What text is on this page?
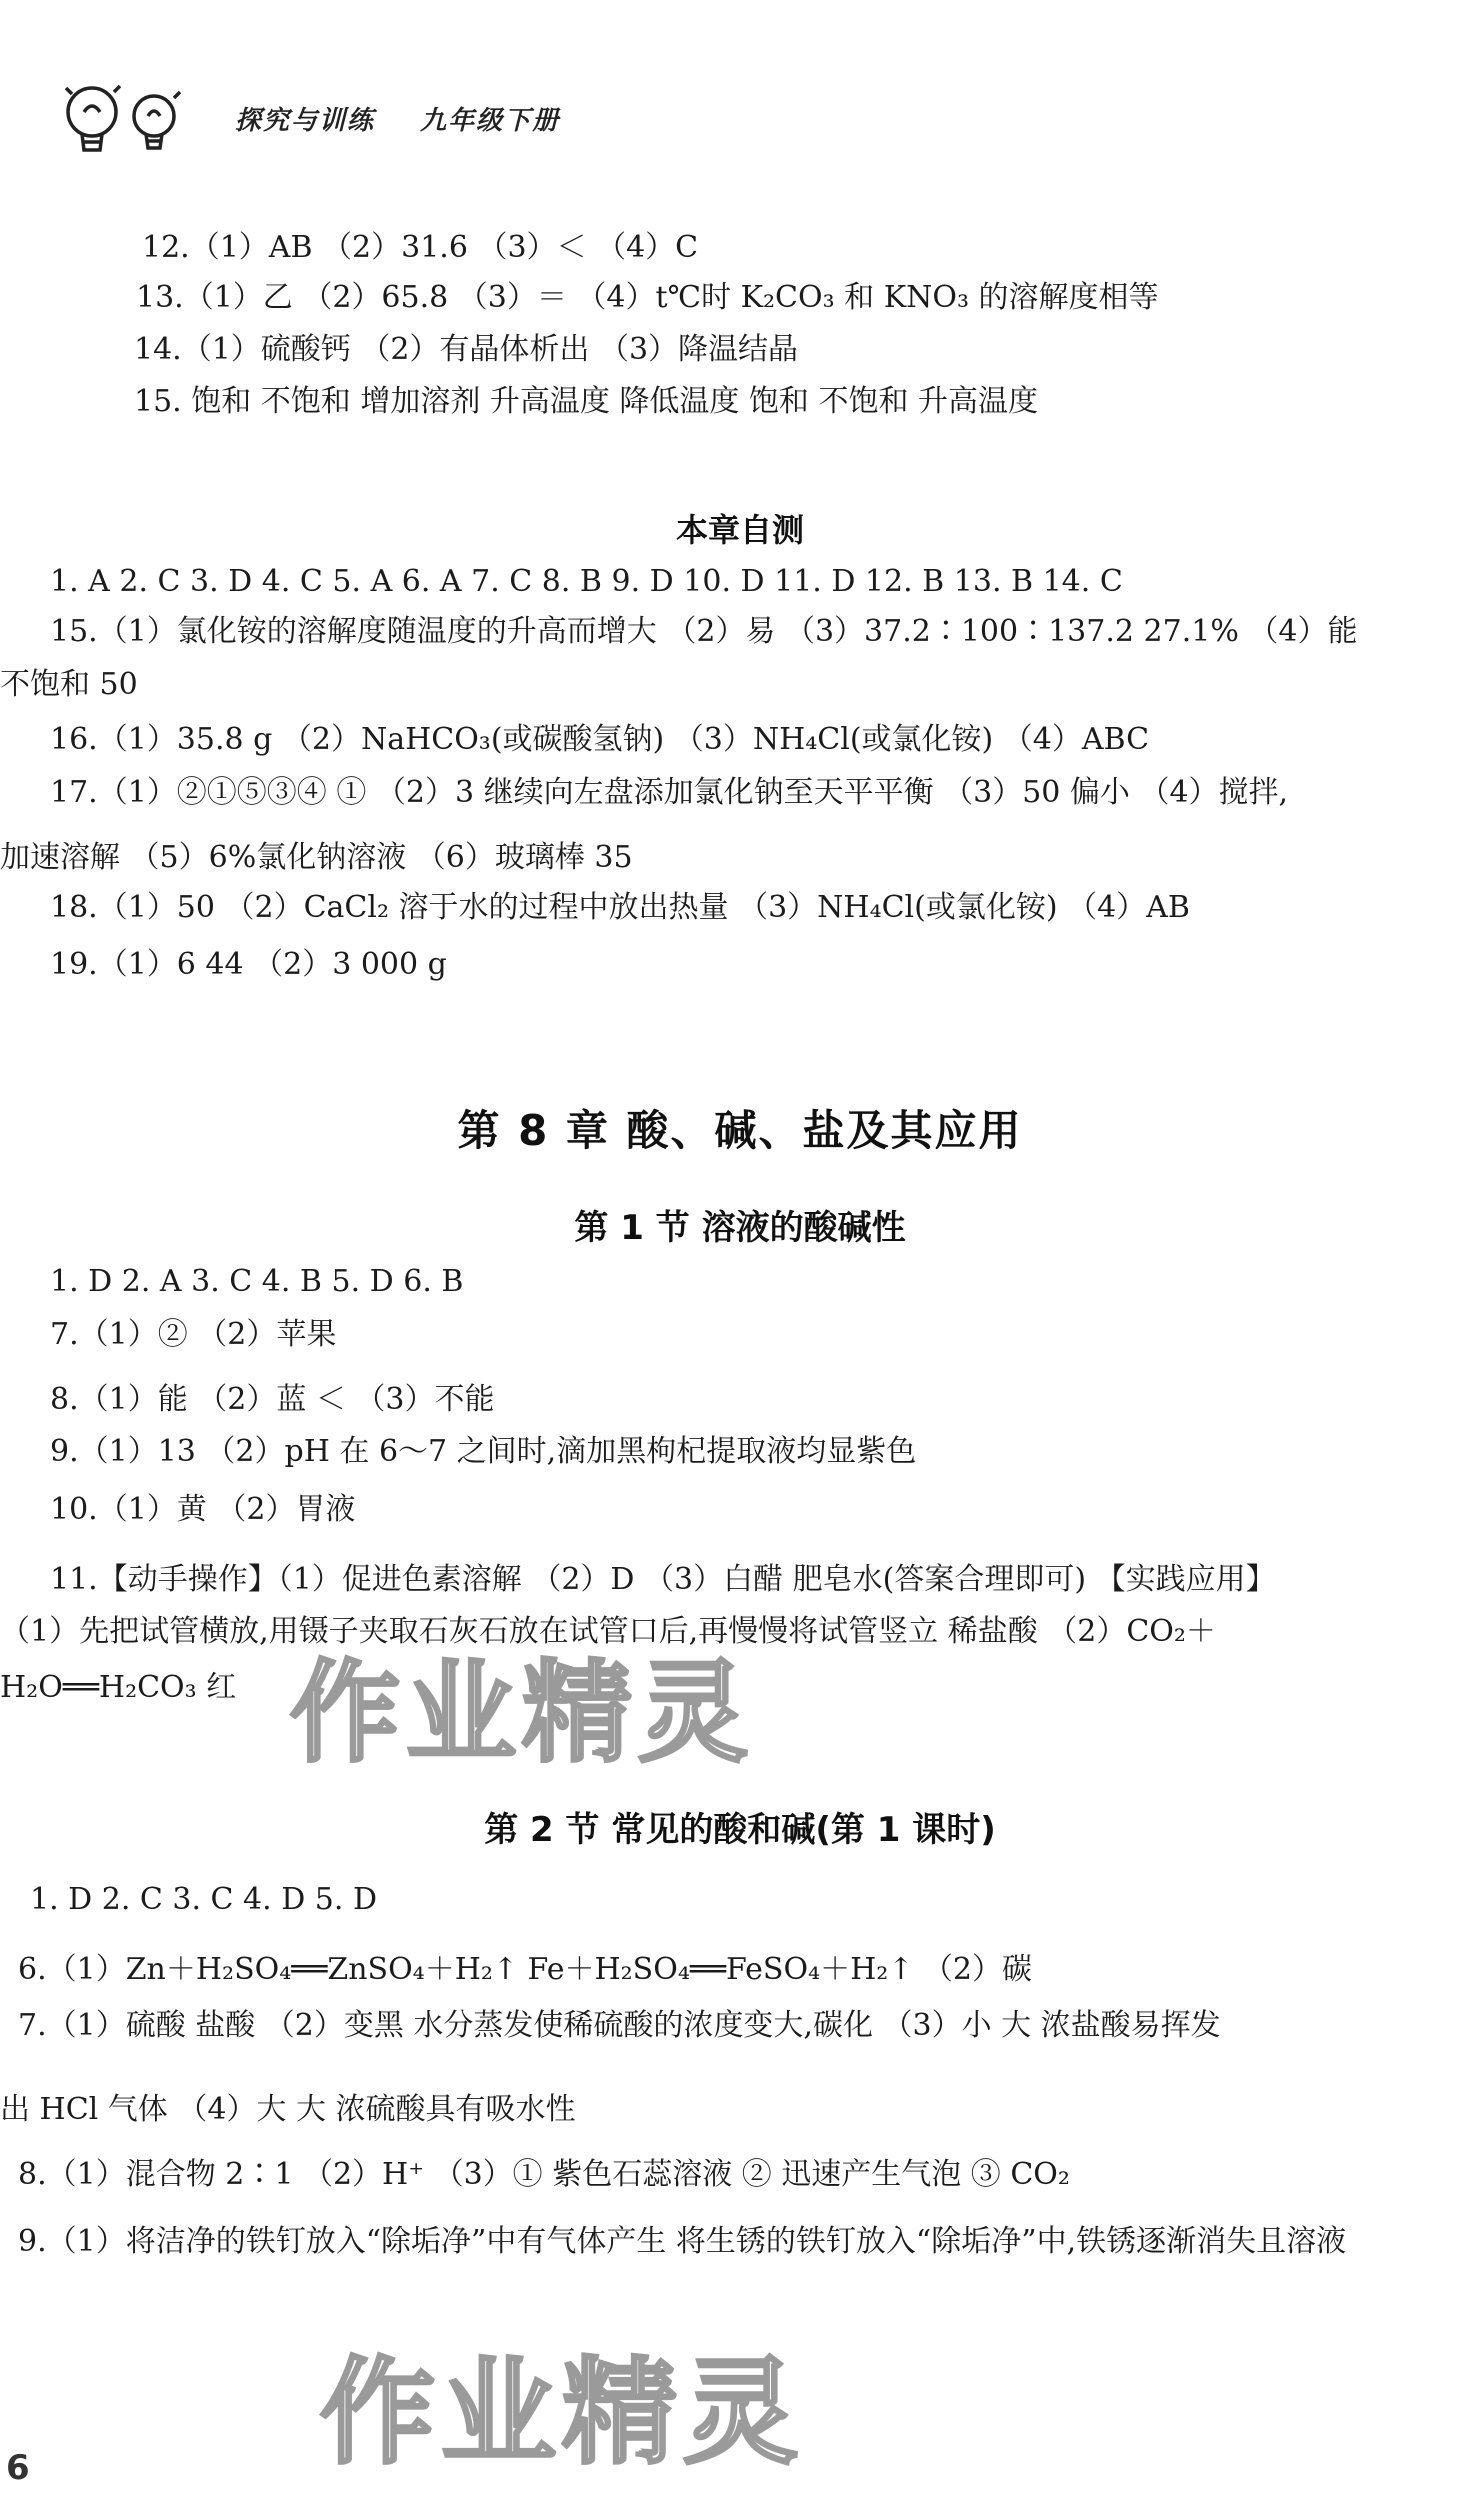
探究与训练 九年级下册
12.（1）AB （2）31.6 （3）＜ （4）C
13.（1）乙 （2）65.8 （3）＝ （4）t℃时 K₂CO₃ 和 KNO₃ 的溶解度相等
14.（1）硫酸钙 （2）有晶体析出 （3）降温结晶
15. 饱和 不饱和 增加溶剂 升高温度 降低温度 饱和 不饱和 升高温度
本章自测
1. A 2. C 3. D 4. C 5. A 6. A 7. C 8. B 9. D 10. D 11. D 12. B 13. B 14. C
15.（1）氯化铵的溶解度随温度的升高而增大 （2）易 （3）37.2∶100∶137.2 27.1% （4）能
不饱和 50
16.（1）35.8 g （2）NaHCO₃(或碳酸氢钠) （3）NH₄Cl(或氯化铵) （4）ABC
17.（1）②①⑤③④ ① （2）3 继续向左盘添加氯化钠至天平平衡 （3）50 偏小 （4）搅拌,
加速溶解 （5）6%氯化钠溶液 （6）玻璃棒 35
18.（1）50 （2）CaCl₂ 溶于水的过程中放出热量 （3）NH₄Cl(或氯化铵) （4）AB
19.（1）6 44 （2）3 000 g
第 8 章 酸、碱、盐及其应用
第 1 节 溶液的酸碱性
1. D 2. A 3. C 4. B 5. D 6. B
7.（1）② （2）苹果
8.（1）能 （2）蓝 ＜ （3）不能
9.（1）13 （2）pH 在 6～7 之间时,滴加黑枸杞提取液均显紫色
10.（1）黄 （2）胃液
11.【动手操作】（1）促进色素溶解 （2）D （3）白醋 肥皂水(答案合理即可) 【实践应用】
（1）先把试管横放,用镊子夹取石灰石放在试管口后,再慢慢将试管竖立 稀盐酸 （2）CO₂＋
H₂O══H₂CO₃ 红 作业精灵
第 2 节 常见的酸和碱(第 1 课时)
1. D 2. C 3. C 4. D 5. D
6.（1）Zn＋H₂SO₄══ZnSO₄＋H₂↑ Fe＋H₂SO₄══FeSO₄＋H₂↑ （2）碳
7.（1）硫酸 盐酸 （2）变黑 水分蒸发使稀硫酸的浓度变大,碳化 （3）小 大 浓盐酸易挥发
出 HCl 气体 （4）大 大 浓硫酸具有吸水性
8.（1）混合物 2∶1 （2）H⁺ （3）① 紫色石蕊溶液 ② 迅速产生气泡 ③ CO₂
9.（1）将洁净的铁钉放入“除垢净”中有气体产生 将生锈的铁钉放入“除垢净”中,铁锈逐渐消失且溶液
作业精灵
6
